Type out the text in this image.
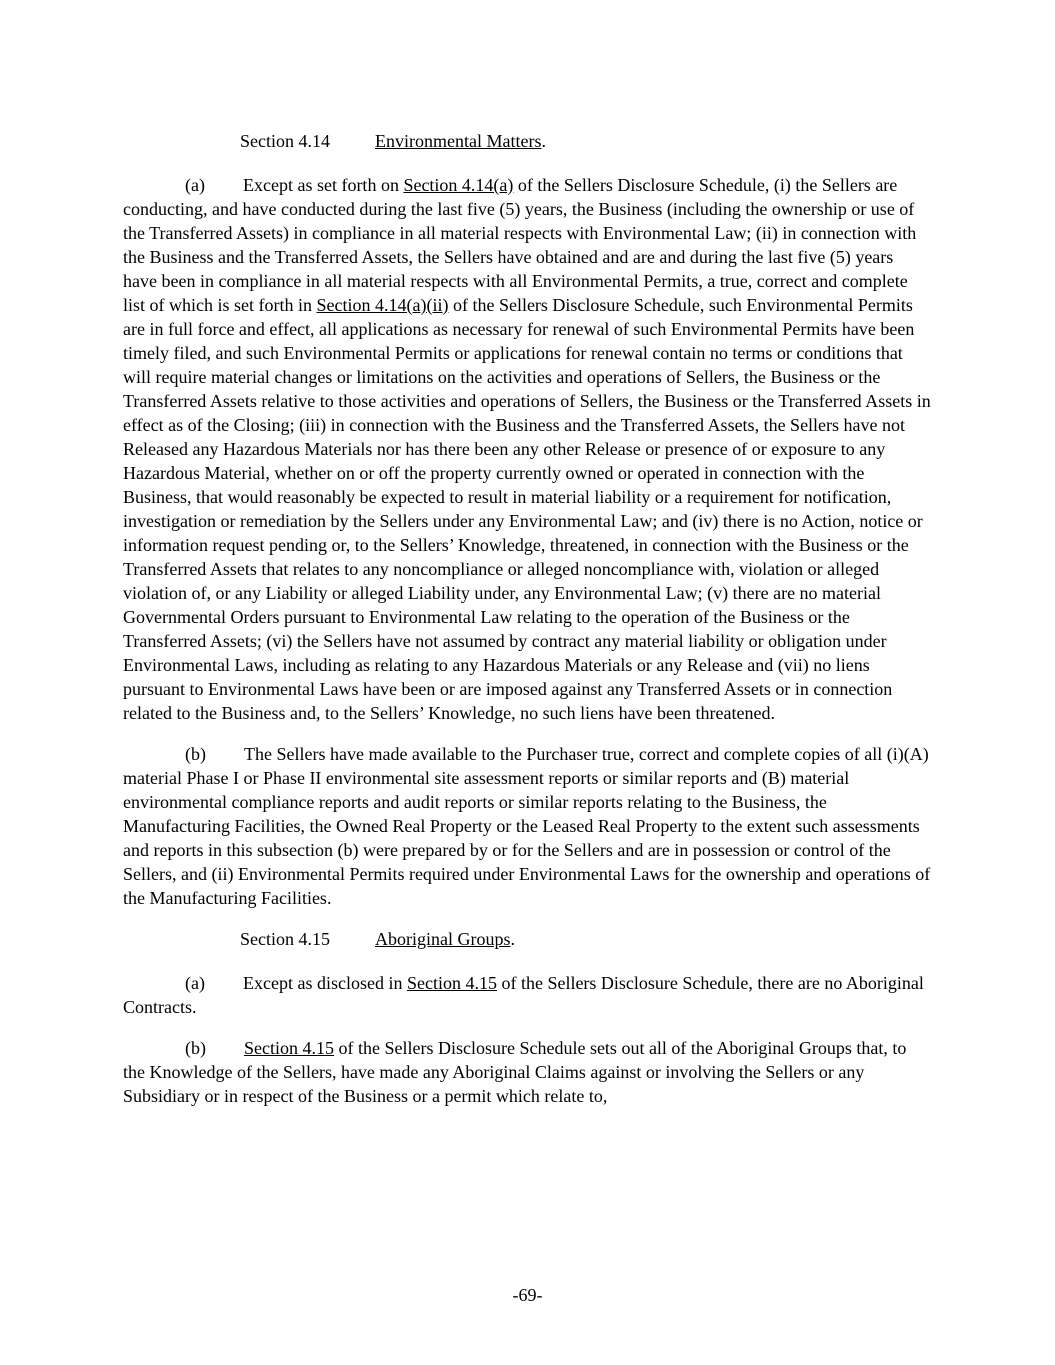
Section 4.14	Environmental Matters.

(a) Except as set forth on Section 4.14(a) of the Sellers Disclosure Schedule, (i) the Sellers are conducting, and have conducted during the last five (5) years, the Business (including the ownership or use of the Transferred Assets) in compliance in all material respects with Environmental Law; (ii) in connection with the Business and the Transferred Assets, the Sellers have obtained and are and during the last five (5) years have been in compliance in all material respects with all Environmental Permits, a true, correct and complete list of which is set forth in Section 4.14(a)(ii) of the Sellers Disclosure Schedule, such Environmental Permits are in full force and effect, all applications as necessary for renewal of such Environmental Permits have been timely filed, and such Environmental Permits or applications for renewal contain no terms or conditions that will require material changes or limitations on the activities and operations of Sellers, the Business or the Transferred Assets relative to those activities and operations of Sellers, the Business or the Transferred Assets in effect as of the Closing; (iii) in connection with the Business and the Transferred Assets, the Sellers have not Released any Hazardous Materials nor has there been any other Release or presence of or exposure to any Hazardous Material, whether on or off the property currently owned or operated in connection with the Business, that would reasonably be expected to result in material liability or a requirement for notification, investigation or remediation by the Sellers under any Environmental Law; and (iv) there is no Action, notice or information request pending or, to the Sellers’ Knowledge, threatened, in connection with the Business or the Transferred Assets that relates to any noncompliance or alleged noncompliance with, violation or alleged violation of, or any Liability or alleged Liability under, any Environmental Law; (v) there are no material Governmental Orders pursuant to Environmental Law relating to the operation of the Business or the Transferred Assets; (vi) the Sellers have not assumed by contract any material liability or obligation under Environmental Laws, including as relating to any Hazardous Materials or any Release and (vii) no liens pursuant to Environmental Laws have been or are imposed against any Transferred Assets or in connection related to the Business and, to the Sellers’ Knowledge, no such liens have been threatened.

(b) The Sellers have made available to the Purchaser true, correct and complete copies of all (i)(A) material Phase I or Phase II environmental site assessment reports or similar reports and (B) material environmental compliance reports and audit reports or similar reports relating to the Business, the Manufacturing Facilities, the Owned Real Property or the Leased Real Property to the extent such assessments and reports in this subsection (b) were prepared by or for the Sellers and are in possession or control of the Sellers, and (ii) Environmental Permits required under Environmental Laws for the ownership and operations of the Manufacturing Facilities.

Section 4.15	Aboriginal Groups.

(a) Except as disclosed in Section 4.15 of the Sellers Disclosure Schedule, there are no Aboriginal Contracts.

(b) Section 4.15 of the Sellers Disclosure Schedule sets out all of the Aboriginal Groups that, to the Knowledge of the Sellers, have made any Aboriginal Claims against or involving the Sellers or any Subsidiary or in respect of the Business or a permit which relate to,

-69-
